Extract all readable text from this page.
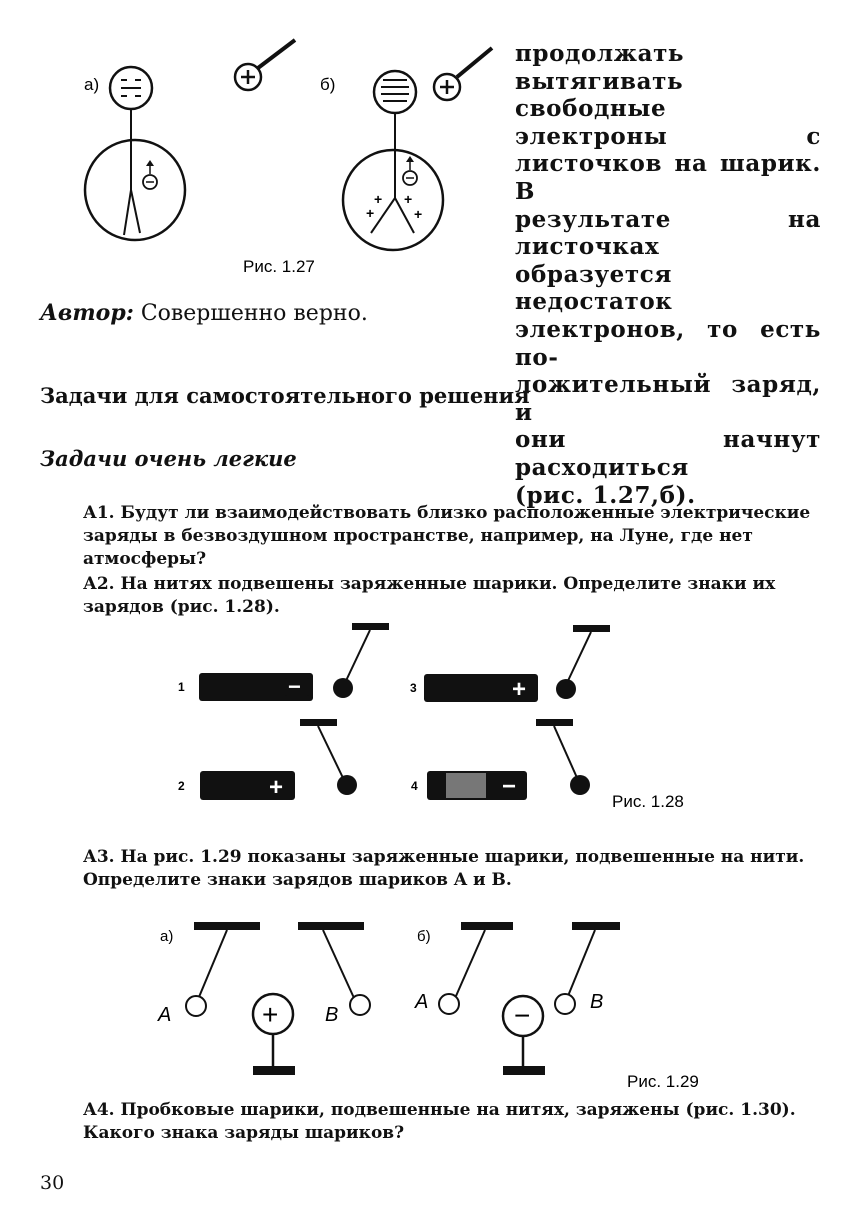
а)
Рис. 1.27
б)
+
+
+
+
продолжать вытягивать
свободные электроны с
листочков на шарик. В
результате на листочках
образуется недостаток
электронов, то есть по-
ложительный заряд, и
они начнут расходиться
(рис. 1.27,б).
Автор: Совершенно верно.
Задачи для самостоятельного решения
Задачи очень легкие

А1. Будут ли взаимодействовать близко расположенные электрические заряды в безвоздушном пространстве, например, на Луне, где нет атмосферы?

А2. На нитях подвешены заряженные шарики. Определите знаки их зарядов (рис. 1.28).

1	−	3	+
2	+	4	−
Рис. 1.28

А3. На рис. 1.29 показаны заряженные шарики, подвешенные на нити. Определите знаки зарядов шариков A и B.

а)
A	+ B
б)
A	−	B
Рис. 1.29

А4. Пробковые шарики, подвешенные на нитях, заряжены (рис. 1.30). Какого знака заряды шариков?

30
